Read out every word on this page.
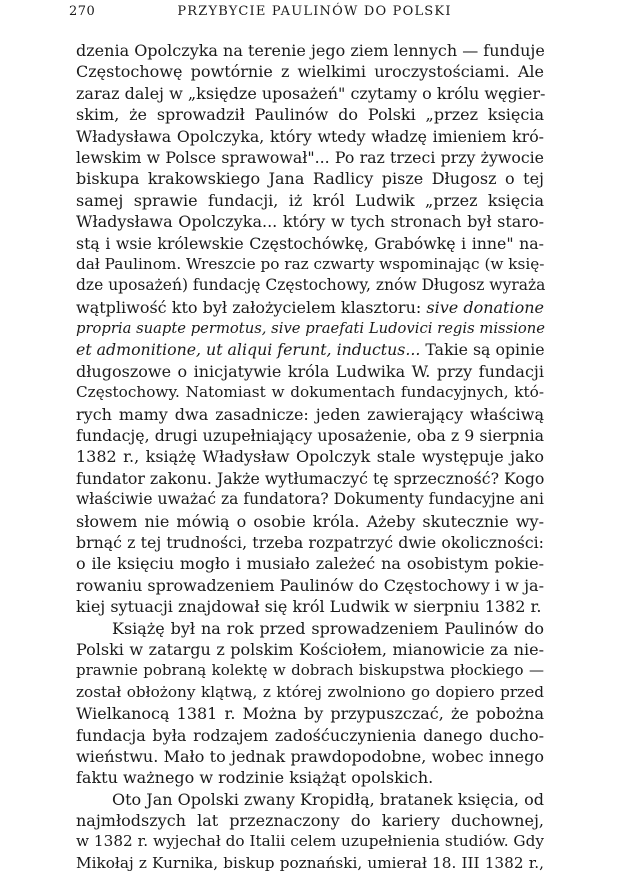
270	PRZYBYCIE PAULINÓW DO POLSKI
dzenia Opolczyka na terenie jego ziem lennych — funduje
Częstochowę powtórnie z wielkimi uroczystościami. Ale
zaraz dalej w „księdze uposażeń" czytamy o królu węgier-
skim, że sprowadził Paulinów do Polski „przez księcia
Władysława Opolczyka, który wtedy władzę imieniem kró-
lewskim w Polsce sprawował"... Po raz trzeci przy żywocie
biskupa krakowskiego Jana Radlicy pisze Długosz o tej
samej sprawie fundacji, iż król Ludwik „przez księcia
Władysława Opolczyka... który w tych stronach był staro-
stą i wsie królewskie Częstochówkę, Grabówkę i inne" na-
dał Paulinom. Wreszcie po raz czwarty wspominając (w księ-
dze uposażeń) fundację Częstochowy, znów Długosz wyraża
wątpliwość kto był założycielem klasztoru: sive donatione
propria suapte permotus, sive praefati Ludovici regis missione
et admonitione, ut aliqui ferunt, inductus... Takie są opinie
długoszowe o inicjatywie króla Ludwika W. przy fundacji
Częstochowy. Natomiast w dokumentach fundacyjnych, któ-
rych mamy dwa zasadnicze: jeden zawierający właściwą
fundację, drugi uzupełniający uposażenie, oba z 9 sierpnia
1382 r., książę Władysław Opolczyk stale występuje jako
fundator zakonu. Jakże wytłumaczyć tę sprzeczność? Kogo
właściwie uważać za fundatora? Dokumenty fundacyjne ani
słowem nie mówią o osobie króla. Ażeby skutecznie wy-
brnąć z tej trudności, trzeba rozpatrzyć dwie okoliczności:
o ile księciu mogło i musiało zależeć na osobistym pokie-
rowaniu sprowadzeniem Paulinów do Częstochowy i w ja-
kiej sytuacji znajdował się król Ludwik w sierpniu 1382 r.
Książę był na rok przed sprowadzeniem Paulinów do
Polski w zatargu z polskim Kościołem, mianowicie za nie-
prawnie pobraną kolektę w dobrach biskupstwa płockiego —
został obłożony klątwą, z której zwolniono go dopiero przed
Wielkanocą 1381 r. Można by przypuszczać, że pobożna
fundacja była rodzajem zadośćuczynienia danego ducho-
wieństwu. Mało to jednak prawdopodobne, wobec innego
faktu ważnego w rodzinie książąt opolskich.
Oto Jan Opolski zwany Kropidłą, bratanek księcia, od
najmłodszych lat przeznaczony do kariery duchownej,
w 1382 r. wyjechał do Italii celem uzupełnienia studiów. Gdy
Mikołaj z Kurnika, biskup poznański, umierał 18. III 1382 r.,
